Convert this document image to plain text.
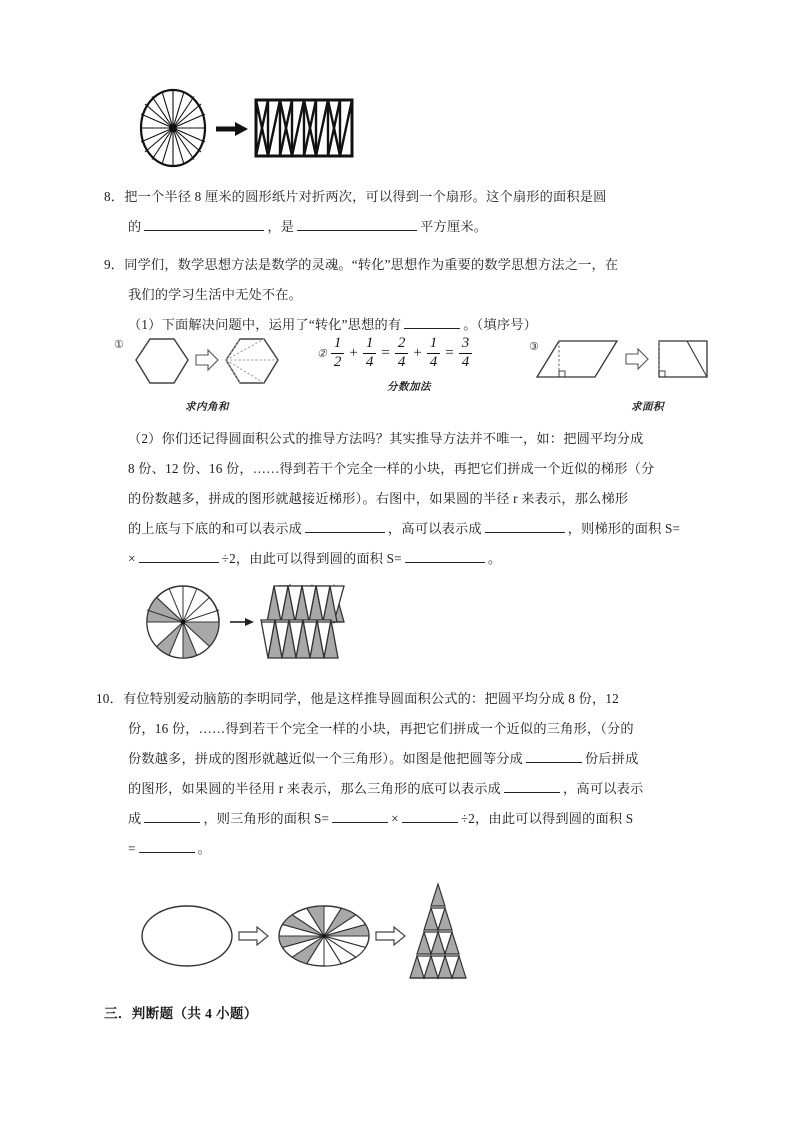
8．把一个半径 8 厘米的圆形纸片对折两次，可以得到一个扇形。这个扇形的面积是圆
的	，是	平方厘米。
9．同学们，数学思想方法是数学的灵魂。“转化”思想作为重要的数学思想方法之一，在
我们的学习生活中无处不在。
（1）下面解决问题中，运用了“转化”思想的有	。（填序号）
①
求内角和
② $\frac{1}{2} + \frac{1}{4} = \frac{2}{4} + \frac{1}{4} = \frac{3}{4}$
分数加法
③
求面积
（2）你们还记得圆面积公式的推导方法吗？其实推导方法并不唯一，如：把圆平均分成
8 份、12 份、16 份，……得到若干个完全一样的小块，再把它们拼成一个近似的梯形（分
的份数越多，拼成的图形就越接近梯形）。右图中，如果圆的半径 r 来表示，那么梯形
的上底与下底的和可以表示成	，高可以表示成	，则梯形的面积 S=
×	÷2，由此可以得到圆的面积 S=	。
10．有位特别爱动脑筋的李明同学，他是这样推导圆面积公式的：把圆平均分成 8 份，12
份，16 份，……得到若干个完全一样的小块，再把它们拼成一个近似的三角形，（分的
份数越多，拼成的图形就越近似一个三角形）。如图是他把圆等分成	份后拼成
的图形，如果圆的半径用 r 来表示，那么三角形的底可以表示成	，高可以表示
成	，则三角形的面积 S=	×	÷2，由此可以得到圆的面积 S
=	。
三．判断题（共 4 小题）
